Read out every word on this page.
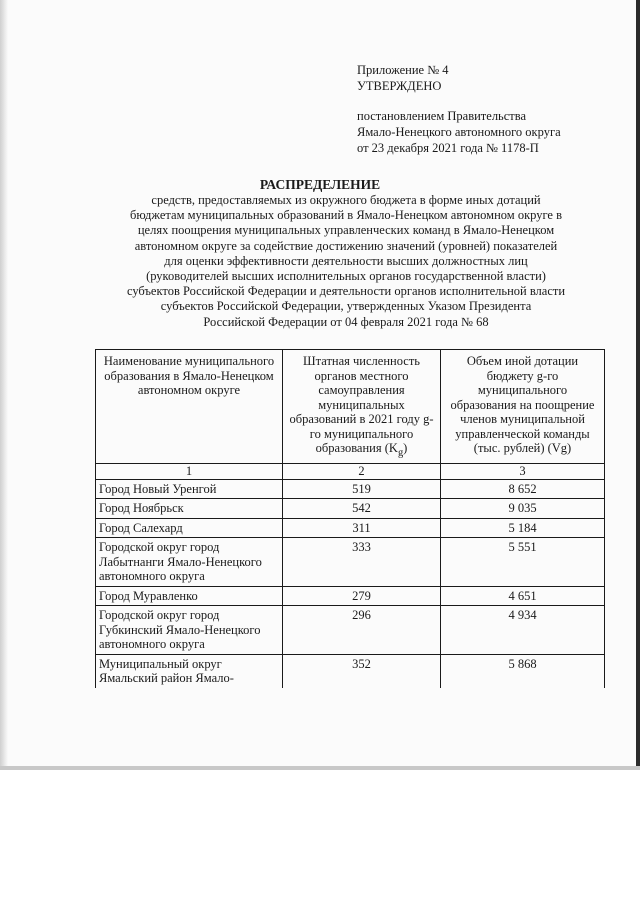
Приложение № 4
УТВЕРЖДЕНО
постановлением Правительства
Ямало-Ненецкого автономного округа
от 23 декабря 2021 года № 1178-П
РАСПРЕДЕЛЕНИЕ
средств, предоставляемых из окружного бюджета в форме иных дотаций
бюджетам муниципальных образований в Ямало-Ненецком автономном округе в
целях поощрения муниципальных управленческих команд в Ямало-Ненецком
автономном округе за содействие достижению значений (уровней) показателей
для оценки эффективности деятельности высших должностных лиц
(руководителей высших исполнительных органов государственной власти)
субъектов Российской Федерации и деятельности органов исполнительной власти
субъектов Российской Федерации, утвержденных Указом Президента
Российской Федерации от 04 февраля 2021 года № 68
Наименование муниципального образования в Ямало-Ненецком автономном округе	Штатная численность органов местного самоуправления муниципальных образований в 2021 году g-го муниципального образования $(K_g)$	Объем иной дотации бюджету g-го муниципального образования на поощрение членов муниципальной управленческой команды (тыс. рублей) (Vg)
1	2	3
Город Новый Уренгой	519	8 652
Город Ноябрьск	542	9 035
Город Салехард	311	5 184
Городской округ город Лабытнанги Ямало-Ненецкого автономного округа	333	5 551
Город Муравленко	279	4 651
Городской округ город Губкинский Ямало-Ненецкого автономного округа	296	4 934
Муниципальный округ Ямальский район Ямало-	352	5 868
